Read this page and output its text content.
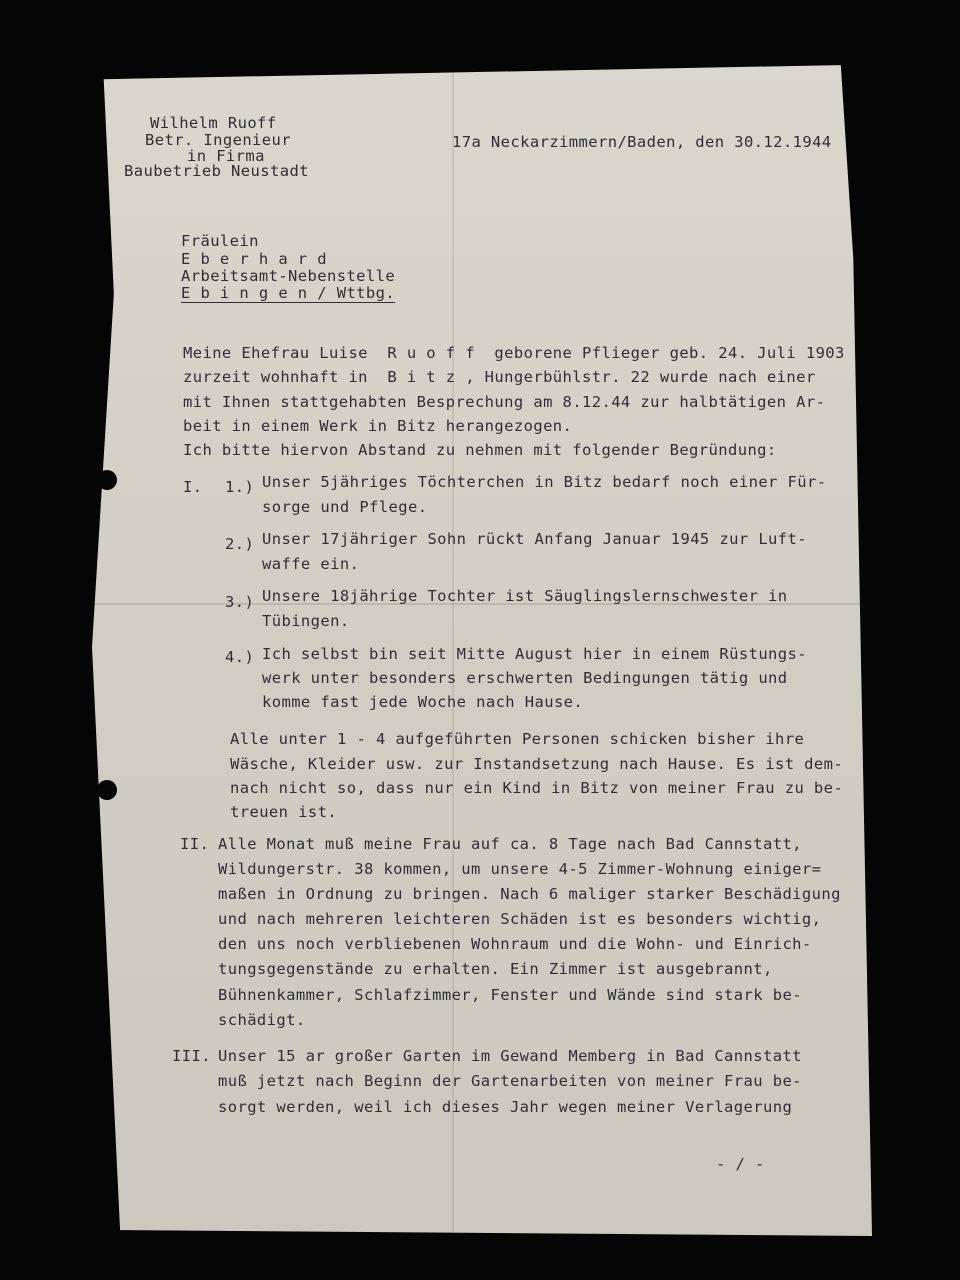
Wilhelm Ruoff
Betr. Ingenieur
in Firma
Baubetrieb Neustadt
17a Neckarzimmern/Baden, den 30.12.1944
Fräulein
E b e r h a r d
Arbeitsamt-Nebenstelle
E b i n g e n / Wttbg.
Meine Ehefrau Luise  R u o f f  geborene Pflieger geb. 24. Juli 1903
zurzeit wohnhaft in  B i t z , Hungerbühlstr. 22 wurde nach einer
mit Ihnen stattgehabten Besprechung am 8.12.44 zur halbtätigen Ar-
beit in einem Werk in Bitz herangezogen.
Ich bitte hiervon Abstand zu nehmen mit folgender Begründung:
I. 1.) Unser 5jähriges Töchterchen in Bitz bedarf noch einer Für-
sorge und Pflege.
2.) Unser 17jähriger Sohn rückt Anfang Januar 1945 zur Luft-
waffe ein.
3.) Unsere 18jährige Tochter ist Säuglingslernschwester in
Tübingen.
4.) Ich selbst bin seit Mitte August hier in einem Rüstungs-
werk unter besonders erschwerten Bedingungen tätig und
komme fast jede Woche nach Hause.
Alle unter 1 - 4 aufgeführten Personen schicken bisher ihre
Wäsche, Kleider usw. zur Instandsetzung nach Hause. Es ist dem-
nach nicht so, dass nur ein Kind in Bitz von meiner Frau zu be-
treuen ist.
II. Alle Monat muß meine Frau auf ca. 8 Tage nach Bad Cannstatt,
Wildungerstr. 38 kommen, um unsere 4-5 Zimmer-Wohnung einiger=
maßen in Ordnung zu bringen. Nach 6 maliger starker Beschädigung
und nach mehreren leichteren Schäden ist es besonders wichtig,
den uns noch verbliebenen Wohnraum und die Wohn- und Einrich-
tungsgegenstände zu erhalten. Ein Zimmer ist ausgebrannt,
Bühnenkammer, Schlafzimmer, Fenster und Wände sind stark be-
schädigt.
III. Unser 15 ar großer Garten im Gewand Memberg in Bad Cannstatt
muß jetzt nach Beginn der Gartenarbeiten von meiner Frau be-
sorgt werden, weil ich dieses Jahr wegen meiner Verlagerung
- / -
